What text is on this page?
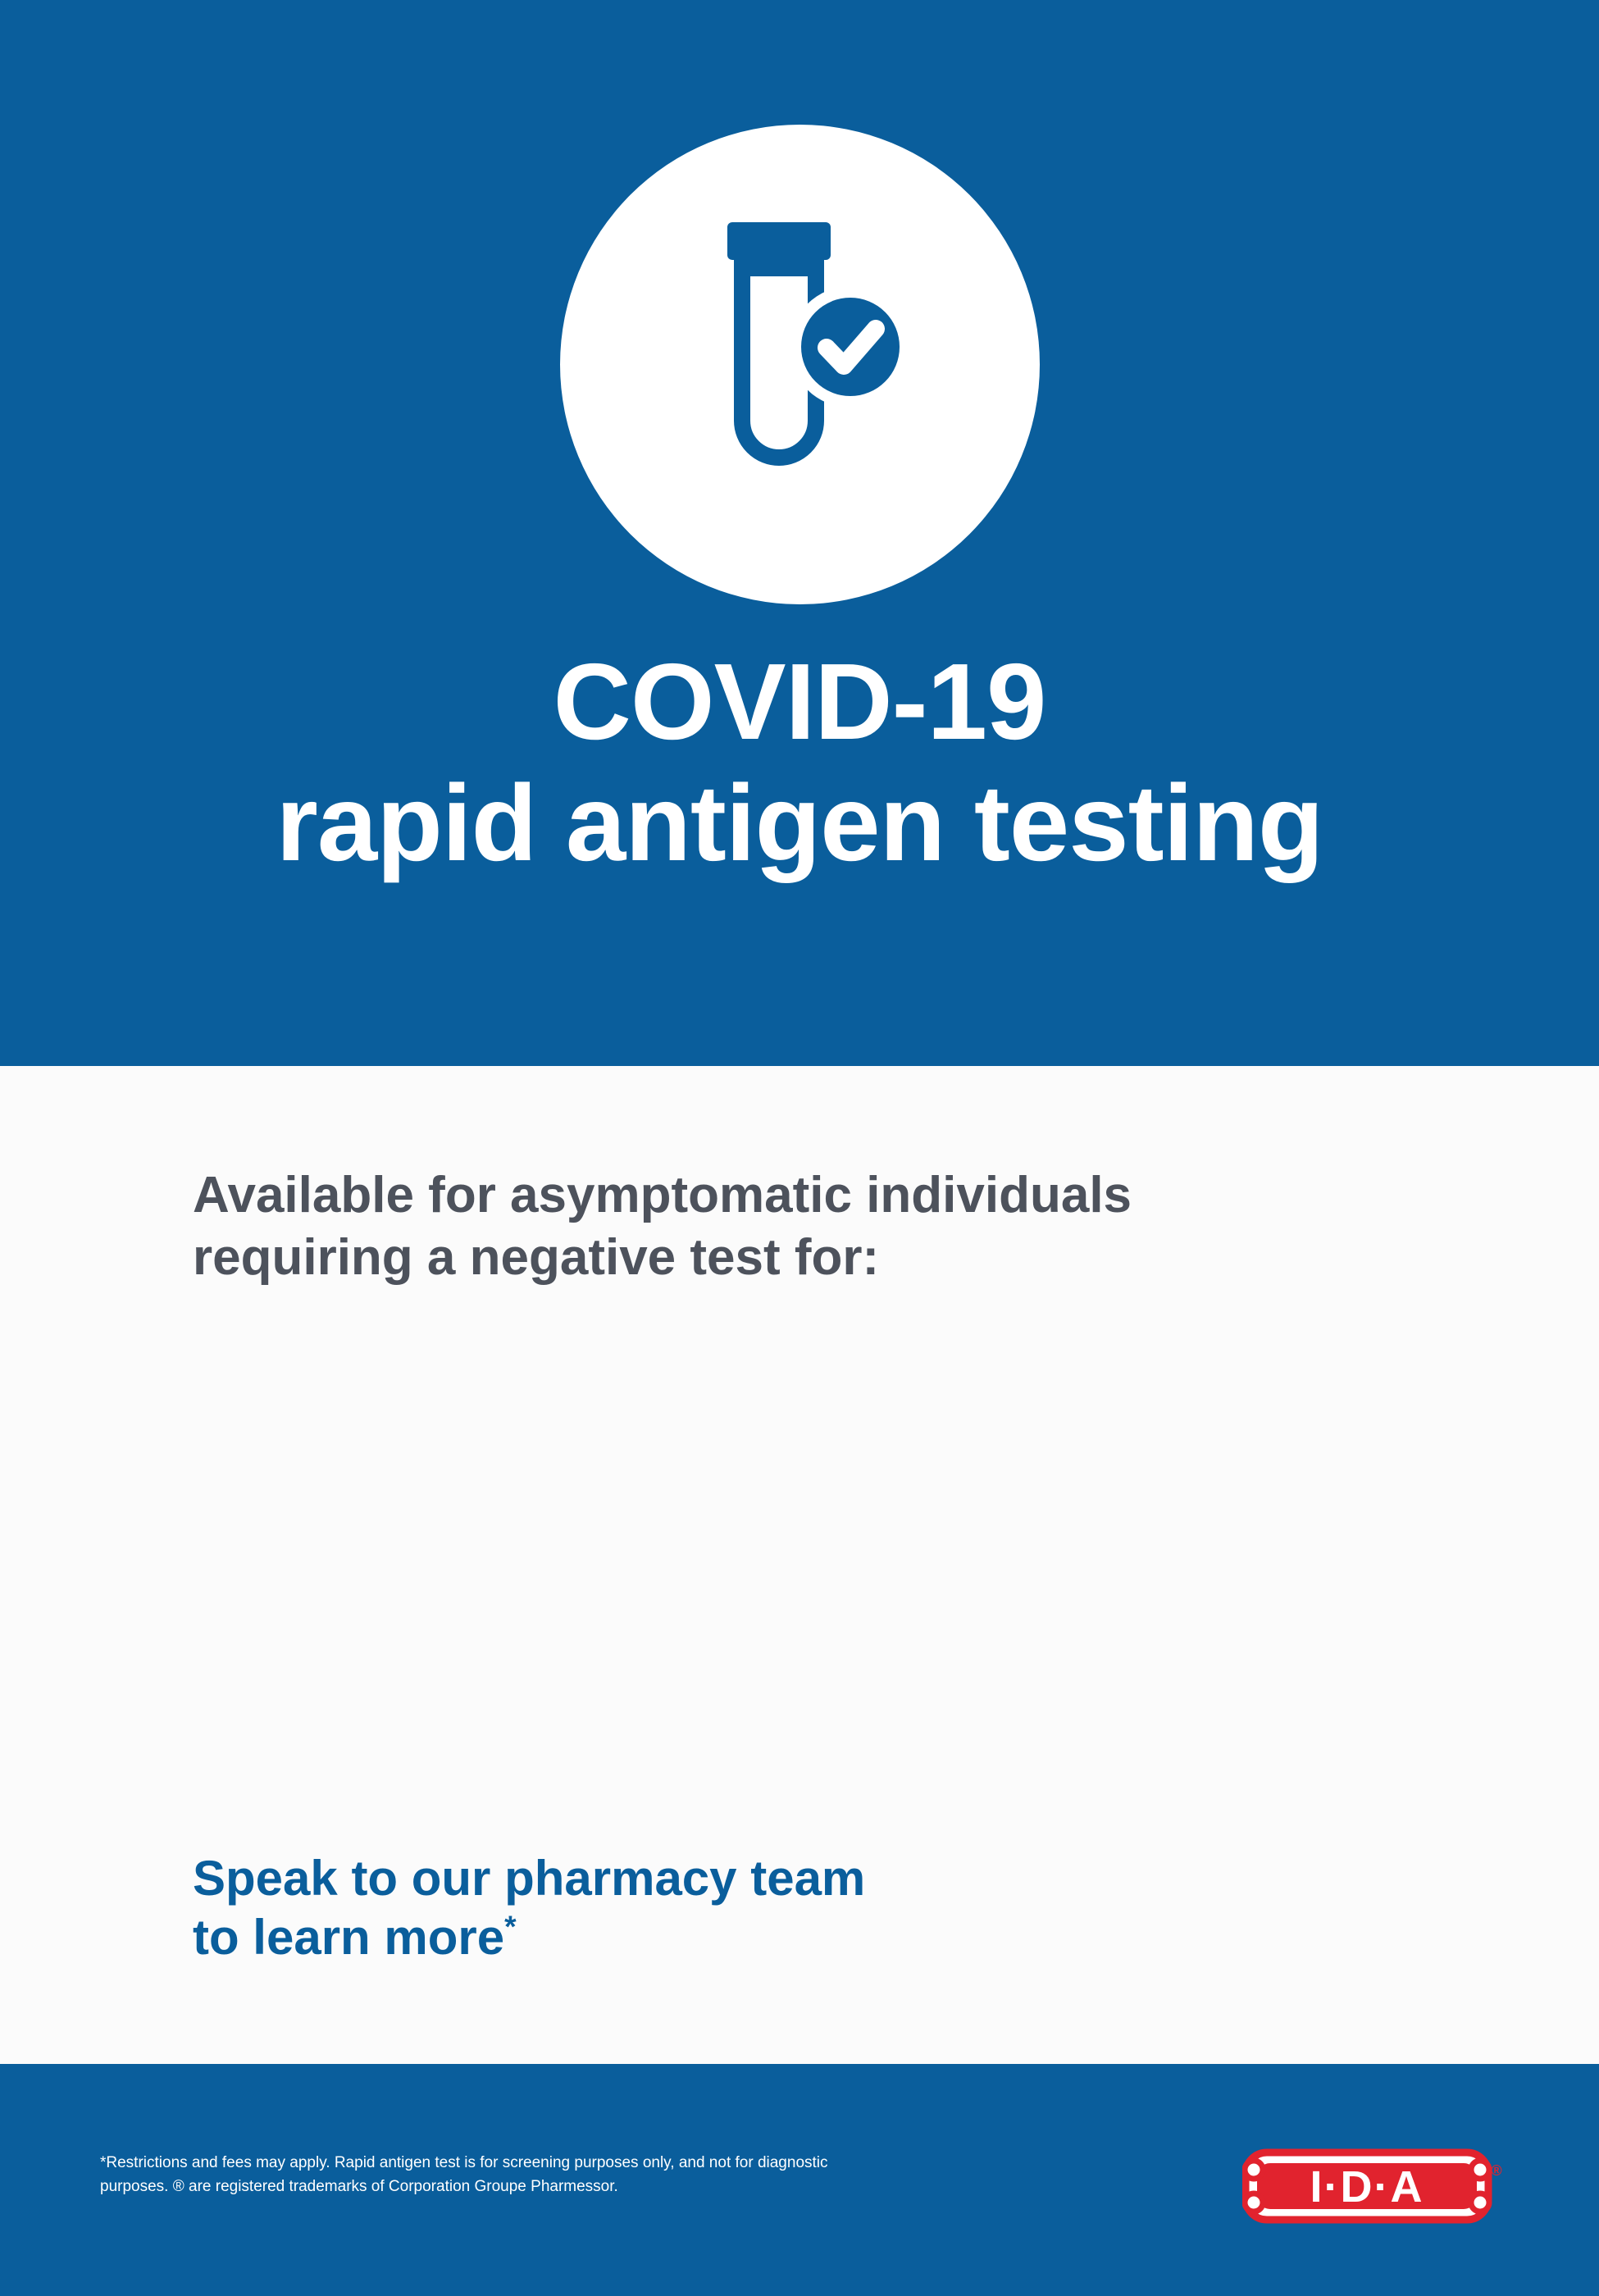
COVID-19
rapid antigen testing
Available for asymptomatic individuals
requiring a negative test for:
Speak to our pharmacy team
to learn more*
*Restrictions and fees may apply. Rapid antigen test is for screening purposes only, and not for diagnostic
purposes. ® are registered trademarks of Corporation Groupe Pharmessor.	I·D·A	®
